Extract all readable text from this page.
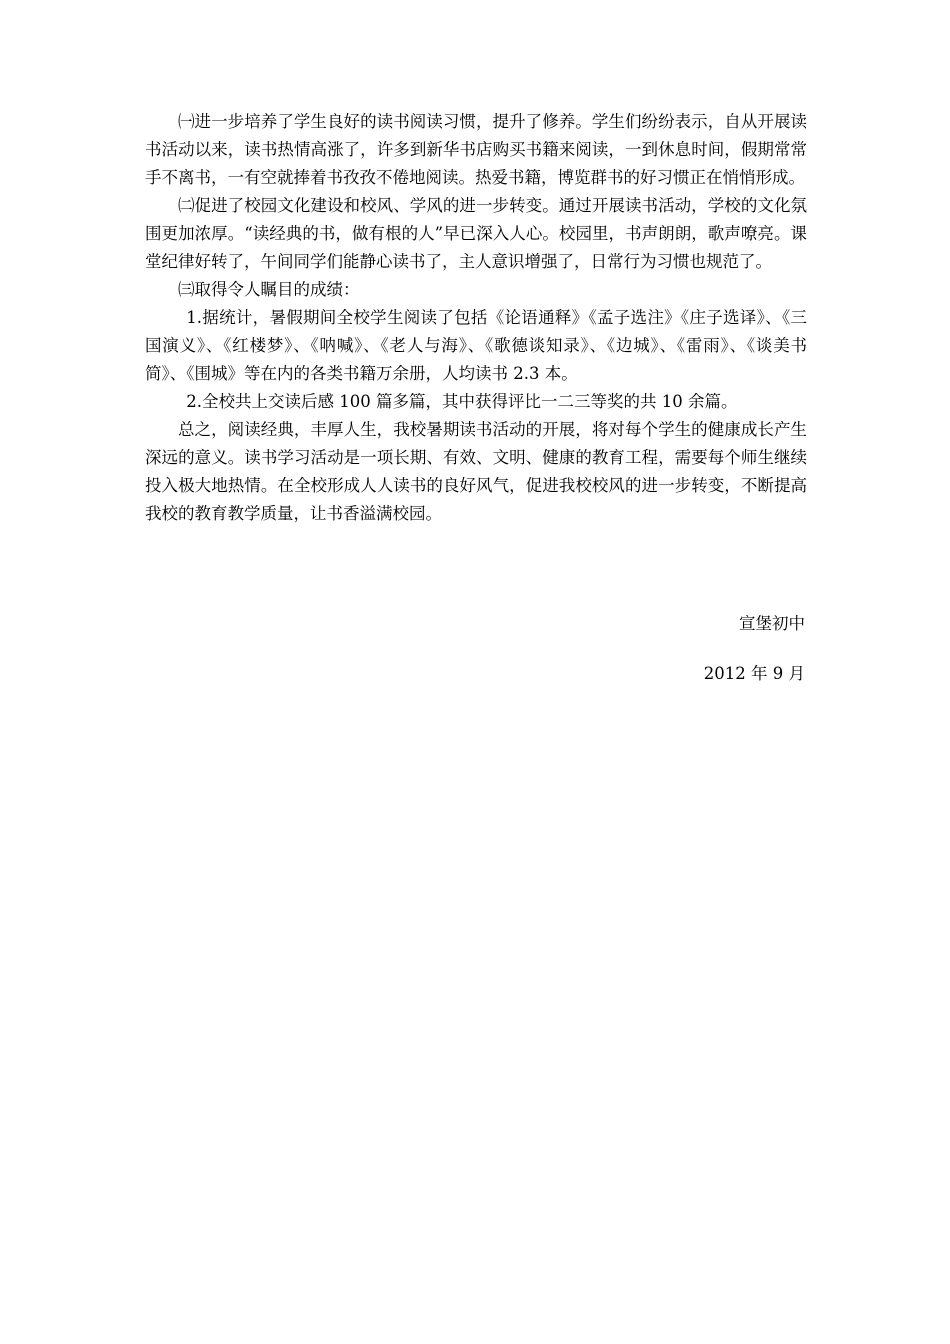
㈠进一步培养了学生良好的读书阅读习惯，提升了修养。学生们纷纷表示，自从开展读书活动以来，读书热情高涨了，许多到新华书店购买书籍来阅读，一到休息时间，假期常常手不离书，一有空就捧着书孜孜不倦地阅读。热爱书籍，博览群书的好习惯正在悄悄形成。

㈡促进了校园文化建设和校风、学风的进一步转变。通过开展读书活动，学校的文化氛围更加浓厚。“读经典的书，做有根的人”早已深入人心。校园里，书声朗朗，歌声嘹亮。课堂纪律好转了，午间同学们能静心读书了，主人意识增强了，日常行为习惯也规范了。

㈢取得令人瞩目的成绩：

1.据统计，暑假期间全校学生阅读了包括《论语通释》《孟子选注》《庄子选译》、《三国演义》、《红楼梦》、《呐喊》、《老人与海》、《歌德谈知录》、《边城》、《雷雨》、《谈美书简》、《围城》等在内的各类书籍万余册，人均读书 2.3 本。

2.全校共上交读后感 100 篇多篇，其中获得评比一二三等奖的共 10 余篇。

总之，阅读经典，丰厚人生，我校暑期读书活动的开展，将对每个学生的健康成长产生深远的意义。读书学习活动是一项长期、有效、文明、健康的教育工程，需要每个师生继续投入极大地热情。在全校形成人人读书的良好风气，促进我校校风的进一步转变，不断提高我校的教育教学质量，让书香溢满校园。

宣堡初中
2012 年 9 月
